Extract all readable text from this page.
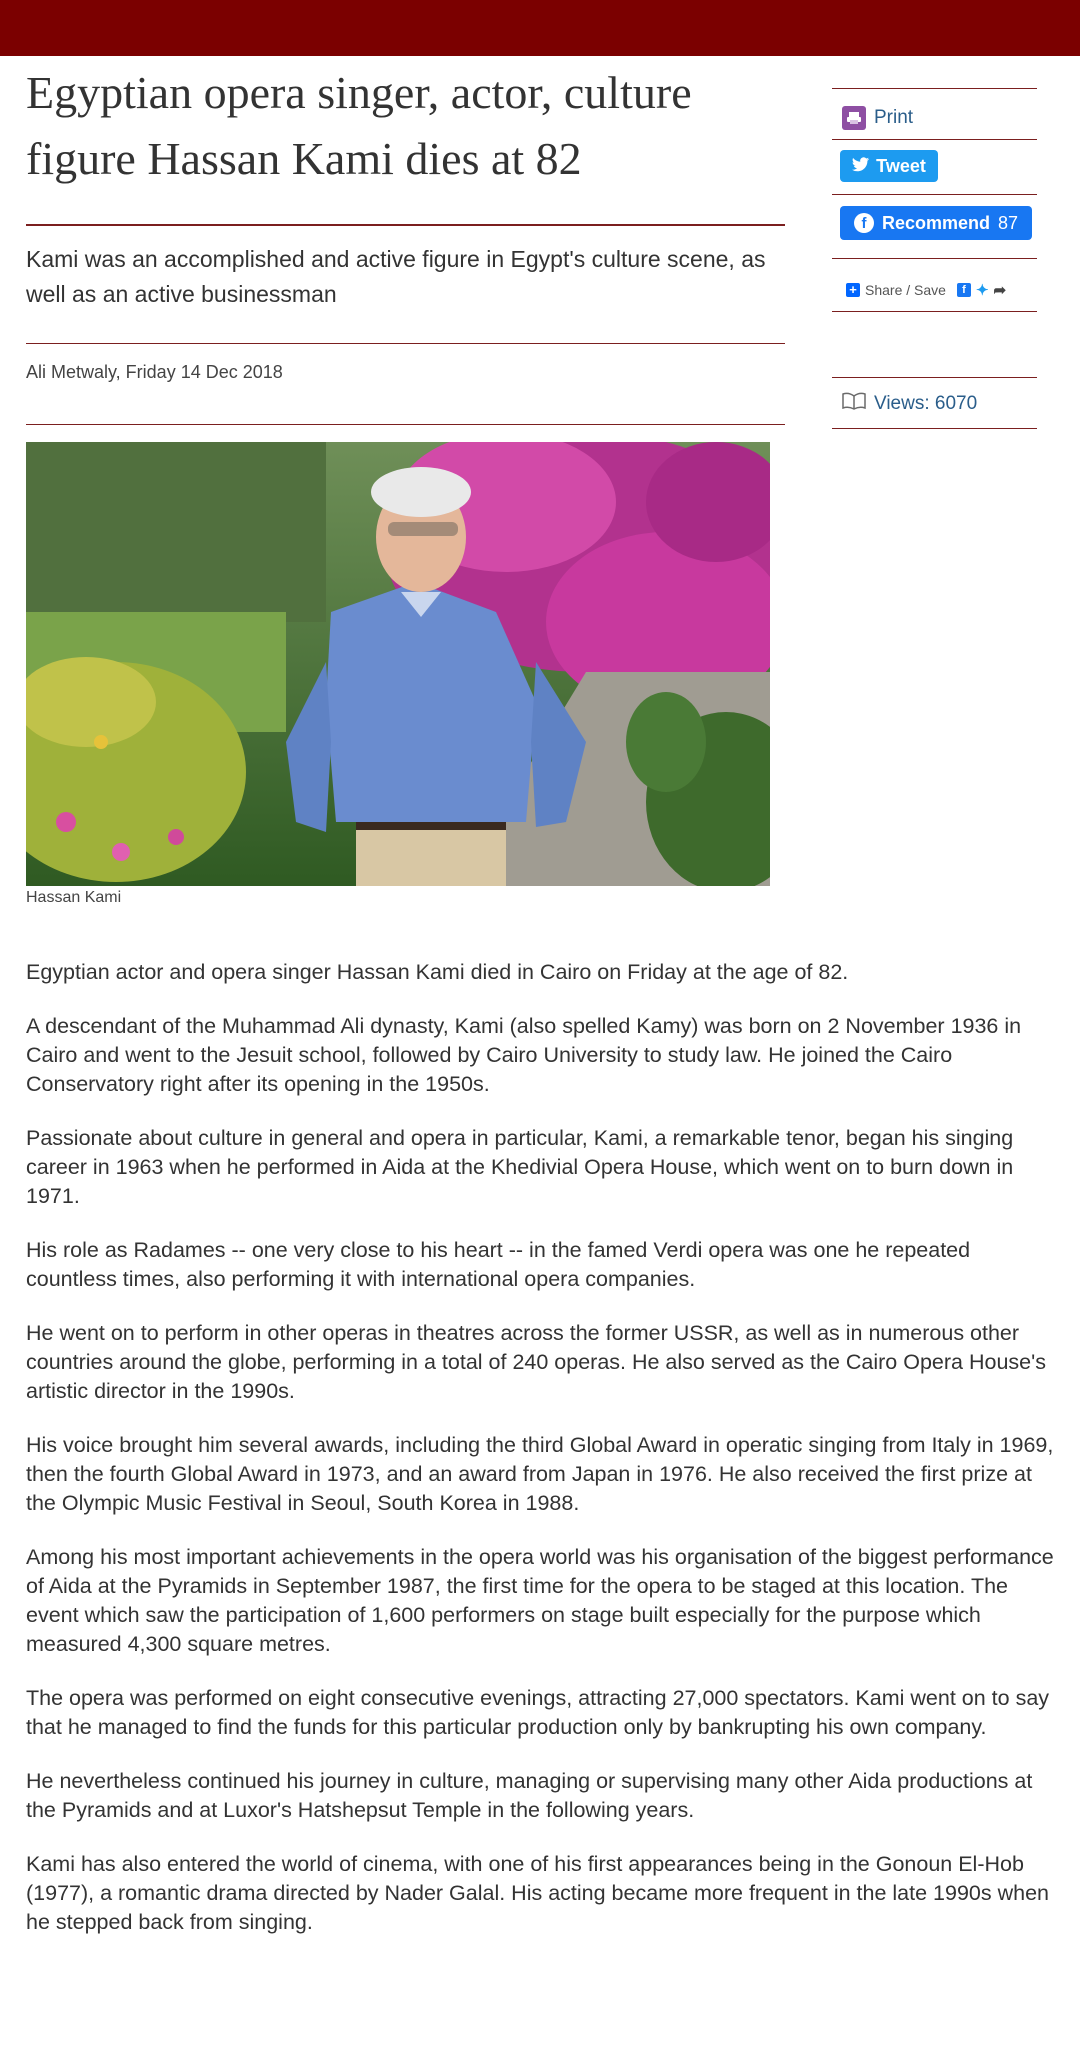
Egyptian opera singer, actor, culture figure Hassan Kami dies at 82

Kami was an accomplished and active figure in Egypt's culture scene, as well as an active businessman

Ali Metwaly, Friday 14 Dec 2018
Hassan Kami

Egyptian actor and opera singer Hassan Kami died in Cairo on Friday at the age of 82.

A descendant of the Muhammad Ali dynasty, Kami (also spelled Kamy) was born on 2 November 1936 in Cairo and went to the Jesuit school, followed by Cairo University to study law. He joined the Cairo Conservatory right after its opening in the 1950s.

Passionate about culture in general and opera in particular, Kami, a remarkable tenor, began his singing career in 1963 when he performed in Aida at the Khedivial Opera House, which went on to burn down in 1971.

His role as Radames -- one very close to his heart -- in the famed Verdi opera was one he repeated countless times, also performing it with international opera companies.

He went on to perform in other operas in theatres across the former USSR, as well as in numerous other countries around the globe, performing in a total of 240 operas. He also served as the Cairo Opera House's artistic director in the 1990s.

His voice brought him several awards, including the third Global Award in operatic singing from Italy in 1969, then the fourth Global Award in 1973, and an award from Japan in 1976. He also received the first prize at the Olympic Music Festival in Seoul, South Korea in 1988.

Among his most important achievements in the opera world was his organisation of the biggest performance of Aida at the Pyramids in September 1987, the first time for the opera to be staged at this location. The event which saw the participation of 1,600 performers on stage built especially for the purpose which measured 4,300 square metres.

The opera was performed on eight consecutive evenings, attracting 27,000 spectators. Kami went on to say that he managed to find the funds for this particular production only by bankrupting his own company.

He nevertheless continued his journey in culture, managing or supervising many other Aida productions at the Pyramids and at Luxor's Hatshepsut Temple in the following years.

Kami has also entered the world of cinema, with one of his first appearances being in the Gonoun El-Hob (1977), a romantic drama directed by Nader Galal. His acting became more frequent in the late 1990s when he stepped back from singing.

Print
Tweet
f Recommend 87
+ Share / Save	f ✦ ➦
Views: 6070
